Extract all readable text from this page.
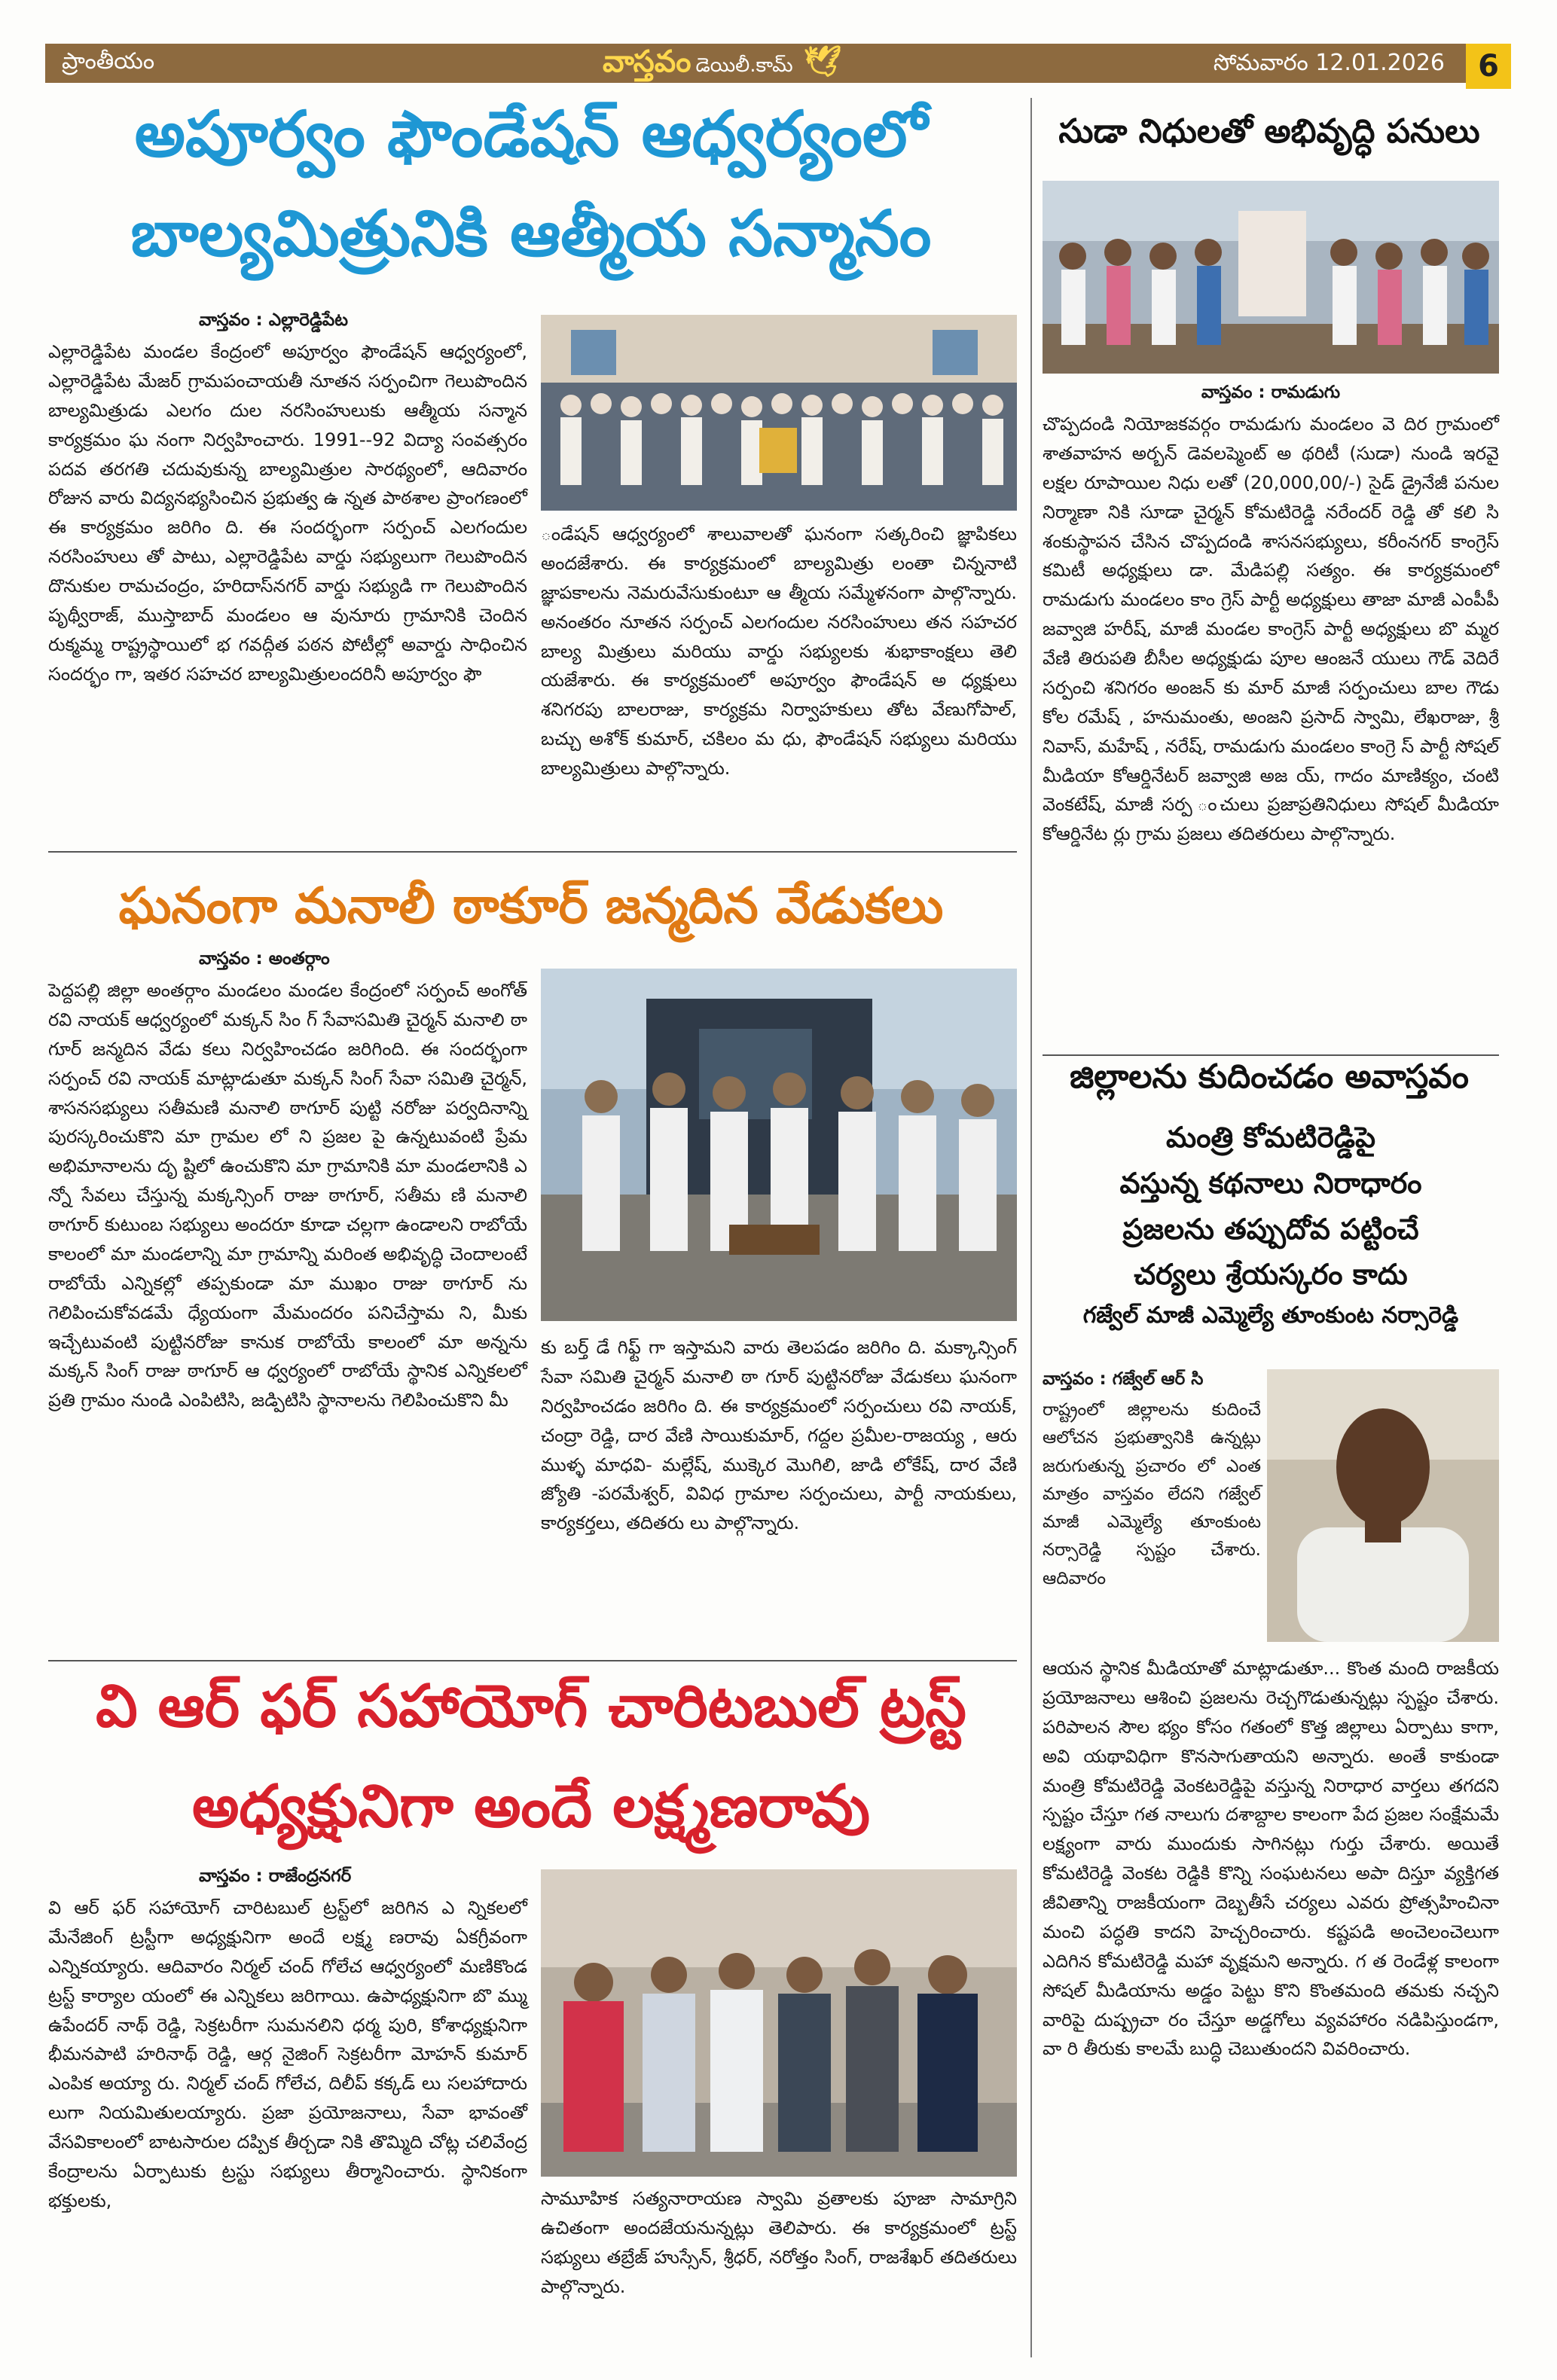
ప్రాంతీయం	వాస్తవం డెయిలీ.కామ్ 🕊	సోమవారం 12.01.2026	6
అపూర్వం ఫౌండేషన్ ఆధ్వర్యంలో
బాల్యమిత్రునికి ఆత్మీయ సన్మానం
వాస్తవం : ఎల్లారెడ్డిపేట
ఎల్లారెడ్డిపేట మండల కేంద్రంలో అపూర్వం ఫౌండేషన్ ఆధ్వర్యంలో, ఎల్లారెడ్డిపేట మేజర్ గ్రామపంచాయతీ నూతన సర్పంచిగా గెలుపొందిన బాల్యమిత్రుడు ఎలగం దుల నరసింహులుకు ఆత్మీయ సన్మాన కార్యక్రమం ఘ నంగా నిర్వహించారు. 1991--92 విద్యా సంవత్సరం పదవ తరగతి చదువుకున్న బాల్యమిత్రుల సారథ్యంలో, ఆదివారం రోజున వారు విద్యనభ్యసించిన ప్రభుత్వ ఉ న్నత పాఠశాల ప్రాంగణంలో ఈ కార్యక్రమం జరిగిం ది. ఈ సందర్భంగా సర్పంచ్ ఎలగందుల నరసింహులు తో పాటు, ఎల్లారెడ్డిపేట వార్డు సభ్యులుగా గెలుపొందిన దొనుకుల రామచంద్రం, హరిదాస్‌నగర్ వార్డు సభ్యుడి గా గెలుపొందిన పృథ్వీరాజ్, ముస్తాబాద్ మండలం ఆ వునూరు గ్రామానికి చెందిన రుక్మమ్మ రాష్ట్రస్థాయిలో భ గవద్గీత పఠన పోటీల్లో అవార్డు సాధించిన సందర్భం గా, ఇతర సహచర బాల్యమిత్రులందరినీ అపూర్వం ఫౌ
ండేషన్ ఆధ్వర్యంలో శాలువాలతో ఘనంగా సత్కరించి జ్ఞాపికలు అందజేశారు. ఈ కార్యక్రమంలో బాల్యమిత్రు లంతా చిన్ననాటి జ్ఞాపకాలను నెమరువేసుకుంటూ ఆ త్మీయ సమ్మేళనంగా పాల్గొన్నారు. అనంతరం నూతన సర్పంచ్ ఎలగందుల నరసింహులు తన సహచర బాల్య మిత్రులు మరియు వార్డు సభ్యులకు శుభాకాంక్షలు తెలి యజేశారు. ఈ కార్యక్రమంలో అపూర్వం ఫౌండేషన్ అ ధ్యక్షులు శనిగరపు బాలరాజు, కార్యక్రమ నిర్వాహకులు తోట వేణుగోపాల్, బచ్చు అశోక్ కుమార్, చకిలం మ ధు, ఫౌండేషన్ సభ్యులు మరియు బాల్యమిత్రులు పాల్గొన్నారు.
ఘనంగా మనాలీ ఠాకూర్ జన్మదిన వేడుకలు
వాస్తవం : అంతర్గాం
పెద్దపల్లి జిల్లా అంతర్గాం మండలం మండల కేంద్రంలో సర్పంచ్ అంగోత్ రవి నాయక్ ఆధ్వర్యంలో మక్కన్ సిం గ్ సేవాసమితి చైర్మన్ మనాలి ఠా గూర్ జన్మదిన వేడు కలు నిర్వహించడం జరిగింది. ఈ సందర్భంగా సర్పంచ్ రవి నాయక్ మాట్లాడుతూ మక్కన్ సింగ్ సేవా సమితి చైర్మన్, శాసనసభ్యులు సతీమణి మనాలి ఠాగూర్ పుట్టి నరోజు పర్వదినాన్ని పురస్కరించుకొని మా గ్రామల లో ని ప్రజల పై ఉన్నటువంటి ప్రేమ అభిమానాలను దృ ష్టిలో ఉంచుకొని మా గ్రామానికి మా మండలానికి ఎ న్నో సేవలు చేస్తున్న మక్కన్సింగ్ రాజు ఠాగూర్, సతీమ ణి మనాలి ఠాగూర్ కుటుంబ సభ్యులు అందరూ కూడా చల్లగా ఉండాలని రాబోయే కాలంలో మా మండలాన్ని మా గ్రామాన్ని మరింత అభివృద్ధి చెందాలంటే రాబోయే ఎన్నికల్లో తప్పకుండా మా ముఖం రాజు ఠాగూర్ ను గెలిపించుకోవడమే ధ్యేయంగా మేమందరం పనిచేస్తామ ని, మీకు ఇచ్చేటువంటి పుట్టినరోజు కానుక రాబోయే కాలంలో మా అన్నను మక్కన్ సింగ్ రాజు ఠాగూర్ ఆ ధ్వర్యంలో రాబోయే స్థానిక ఎన్నికలలో ప్రతి గ్రామం నుండి ఎంపిటిసి, జడ్పిటిసి స్థానాలను గెలిపించుకొని మీ
కు బర్త్ డే గిఫ్ట్ గా ఇస్తామని వారు తెలపడం జరిగిం ది. మక్కాన్సింగ్ సేవా సమితి చైర్మన్ మనాలి ఠా గూర్ పుట్టినరోజు వేడుకలు ఘనంగా నిర్వహించడం జరిగిం ది. ఈ కార్యక్రమంలో సర్పంచులు రవి నాయక్, చంద్రా రెడ్డి, దార వేణి సాయికుమార్, గద్దల ప్రమీల-రాజయ్య , ఆరు ముళ్ళ మాధవి- మల్లేష్, ముక్కెర మొగిలి, జాడి లోకేష్, దార వేణి జ్యోతి -పరమేశ్వర్, వివిధ గ్రామాల సర్పంచులు, పార్టీ నాయకులు, కార్యకర్తలు, తదితరు లు పాల్గొన్నారు.
వి ఆర్ ఫర్ సహాయోగ్ చారిటబుల్ ట్రస్ట్
అధ్యక్షునిగా అందే లక్ష్మణరావు
వాస్తవం : రాజేంద్రనగర్
వి ఆర్ ఫర్ సహాయోగ్ చారిటబుల్ ట్రస్ట్‌లో జరిగిన ఎ న్నికలలో మేనేజింగ్ ట్రస్టీగా అధ్యక్షునిగా అందే లక్ష్మ ణరావు ఏకగ్రీవంగా ఎన్నికయ్యారు. ఆదివారం నిర్మల్ చంద్ గోలేచ ఆధ్వర్యంలో మణికొండ ట్రస్ట్ కార్యాల యంలో ఈ ఎన్నికలు జరిగాయి. ఉపాధ్యక్షునిగా బొ మ్ము ఉపేందర్ నాథ్ రెడ్డి, సెక్రటరీగా సుమనలిని ధర్మ పురి, కోశాధ్యక్షునిగా భీమనపాటి హరినాథ్ రెడ్డి, ఆర్గ నైజింగ్ సెక్రటరీగా మోహన్ కుమార్ ఎంపిక అయ్యా రు. నిర్మల్ చంద్ గోలేచ, దిలీప్ కక్కడ్ లు సలహాదారు లుగా నియమితులయ్యారు. ప్రజా ప్రయోజనాలు, సేవా భావంతో వేసవికాలంలో బాటసారుల దప్పిక తీర్చడా నికి తొమ్మిది చోట్ల చలివేంద్ర కేంద్రాలను ఏర్పాటుకు ట్రస్టు సభ్యులు తీర్మానించారు. స్థానికంగా భక్తులకు,	సామూహిక సత్యనారాయణ స్వామి వ్రతాలకు పూజా సామాగ్రిని ఉచితంగా అందజేయనున్నట్లు తెలిపారు. ఈ కార్యక్రమంలో ట్రస్ట్ సభ్యులు తబ్రేజ్ హుస్సేన్, శ్రీధర్, నరోత్తం సింగ్, రాజశేఖర్ తదితరులు పాల్గొన్నారు.
సుడా నిధులతో అభివృద్ధి పనులు
వాస్తవం : రామడుగు
చొప్పదండి నియోజకవర్గం రామడుగు మండలం వె దిర గ్రామంలో శాతవాహన అర్బన్ డెవలప్మెంట్ అ థరిటీ (సుడా) నుండి ఇరవై లక్షల రూపాయిల నిధు లతో (20,000,00/-) సైడ్ డ్రైనేజీ పనుల నిర్మాణా నికి సూడా చైర్మన్ కోమటిరెడ్డి నరేందర్ రెడ్డి తో కలి సి శంకుస్థాపన చేసిన చొప్పదండి శాసనసభ్యులు, కరీంనగర్ కాంగ్రెస్ కమిటీ అధ్యక్షులు డా. మేడిపల్లి సత్యం. ఈ కార్యక్రమంలో రామడుగు మండలం కాం గ్రెస్ పార్టీ అధ్యక్షులు తాజా మాజీ ఎంపీపీ జవ్వాజి హరీష్, మాజీ మండల కాంగ్రెస్ పార్టీ అధ్యక్షులు బొ మ్మర వేణి తిరుపతి బీసీల అధ్యక్షుడు పూల ఆంజనే యులు గౌడ్ వెదిరే సర్పంచి శనిగరం అంజన్ కు మార్ మాజీ సర్పంచులు బాల గౌడు కోల రమేష్ , హనుమంతు, అంజని ప్రసాద్ స్వామి, లేఖరాజు, శ్రీ నివాస్, మహేష్ , నరేష్, రామడుగు మండలం కాంగ్రె స్ పార్టీ సోషల్ మీడియా కోఆర్డినేటర్ జవ్వాజి అజ య్, గాదం మాణిక్యం, చంటి వెంకటేష్, మాజీ సర్ప ంచులు ప్రజాప్రతినిధులు సోషల్ మీడియా కోఆర్డినేట ర్లు గ్రామ ప్రజలు తదితరులు పాల్గొన్నారు.
జిల్లాలను కుదించడం అవాస్తవం
మంత్రి కోమటిరెడ్డిపై
వస్తున్న కథనాలు నిరాధారం
ప్రజలను తప్పుదోవ పట్టించే
చర్యలు శ్రేయస్కరం కాదు
గజ్వేల్ మాజీ ఎమ్మెల్యే తూంకుంట నర్సారెడ్డి
వాస్తవం : గజ్వేల్ ఆర్ సి
రాష్ట్రంలో జిల్లాలను కుదించే ఆలోచన ప్రభుత్వానికి ఉన్నట్లు జరుగుతున్న ప్రచారం లో ఎంత మాత్రం వాస్తవం లేదని గజ్వేల్ మాజీ ఎమ్మెల్యే తూంకుంట నర్సారెడ్డి స్పష్టం చేశారు. ఆదివారం
ఆయన స్థానిక మీడియాతో మాట్లాడుతూ... కొంత మంది రాజకీయ ప్రయోజనాలు ఆశించి ప్రజలను రెచ్చగొడుతున్నట్లు స్పష్టం చేశారు. పరిపాలన సౌల భ్యం కోసం గతంలో కొత్త జిల్లాలు ఏర్పాటు కాగా, అవి యథావిధిగా కొనసాగుతాయని అన్నారు. అంతే కాకుండా మంత్రి కోమటిరెడ్డి వెంకటరెడ్డిపై వస్తున్న నిరాధార వార్తలు తగదని స్పష్టం చేస్తూ గత నాలుగు దశాబ్దాల కాలంగా పేద ప్రజల సంక్షేమమే లక్ష్యంగా వారు ముందుకు సాగినట్లు గుర్తు చేశారు. అయితే కోమటిరెడ్డి వెంకట రెడ్డికి కొన్ని సంఘటనలు అపా దిస్తూ వ్యక్తిగత జీవితాన్ని రాజకీయంగా దెబ్బతీసే చర్యలు ఎవరు ప్రోత్సహించినా మంచి పద్ధతి కాదని హెచ్చరించారు. కష్టపడి అంచెలంచెలుగా ఎదిగిన కోమటిరెడ్డి మహా వృక్షమని అన్నారు. గ త రెండేళ్ల కాలంగా సోషల్ మీడియాను అడ్డం పెట్టు కొని కొంతమంది తమకు నచ్చని వారిపై దుష్ప్రచా రం చేస్తూ అడ్డగోలు వ్యవహారం నడిపిస్తుండగా, వా రి తీరుకు కాలమే బుద్ధి చెబుతుందని వివరించారు.
